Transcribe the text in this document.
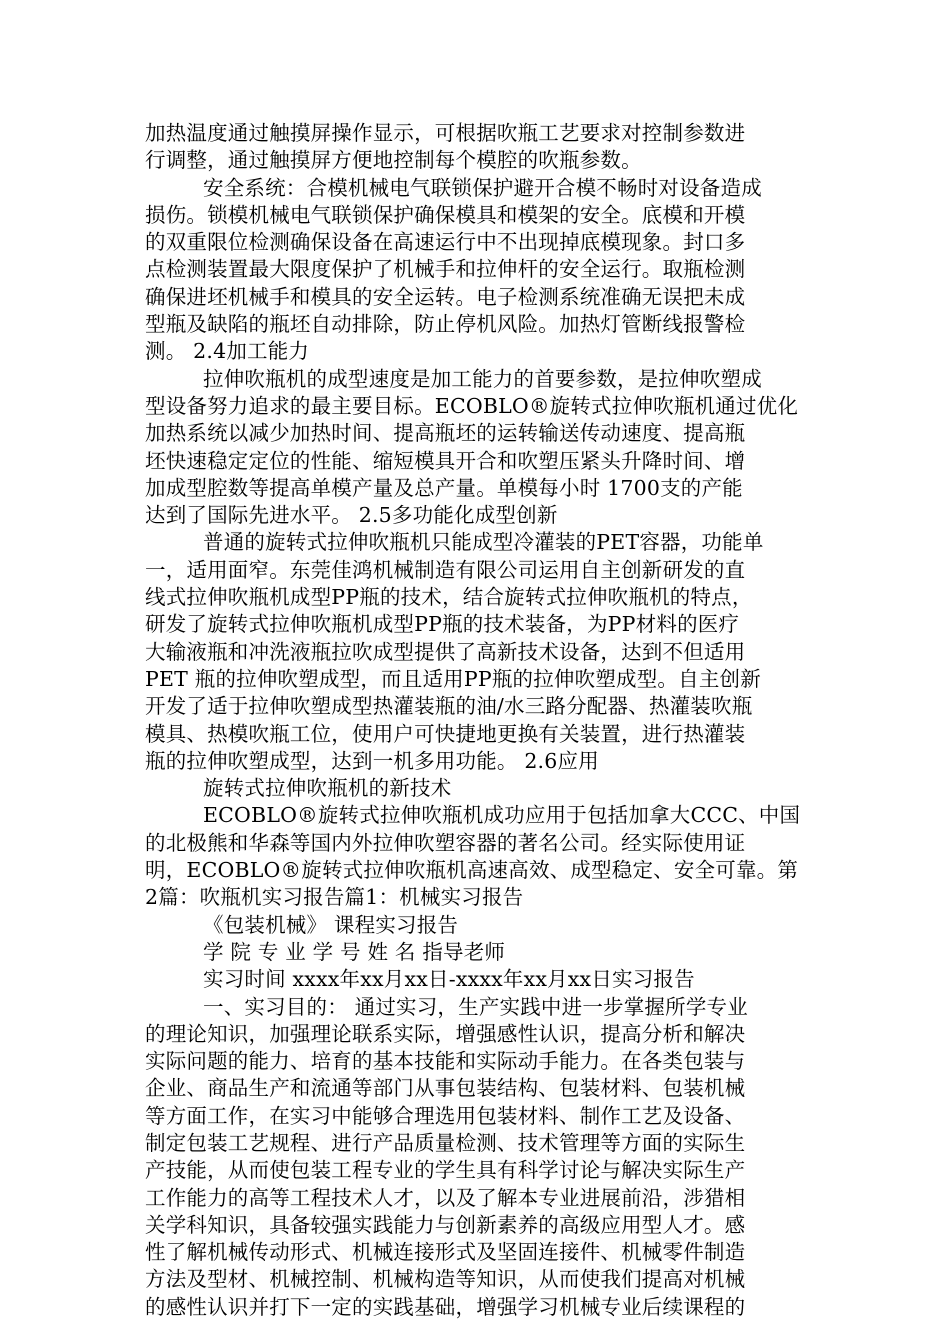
加热温度通过触摸屏操作显示，可根据吹瓶工艺要求对控制参数进
行调整，通过触摸屏方便地控制每个模腔的吹瓶参数。
安全系统：合模机械电气联锁保护避开合模不畅时对设备造成
损伤。锁模机械电气联锁保护确保模具和模架的安全。底模和开模
的双重限位检测确保设备在高速运行中不出现掉底模现象。封口多
点检测装置最大限度保护了机械手和拉伸杆的安全运行。取瓶检测
确保进坯机械手和模具的安全运转。电子检测系统准确无误把未成
型瓶及缺陷的瓶坯自动排除，防止停机风险。加热灯管断线报警检
测。 2.4加工能力
拉伸吹瓶机的成型速度是加工能力的首要参数，是拉伸吹塑成
型设备努力追求的最主要目标。ECOBLO®旋转式拉伸吹瓶机通过优化
加热系统以减少加热时间、提高瓶坯的运转输送传动速度、提高瓶
坯快速稳定定位的性能、缩短模具开合和吹塑压紧头升降时间、增
加成型腔数等提高单模产量及总产量。单模每小时 1700支的产能
达到了国际先进水平。 2.5多功能化成型创新
普通的旋转式拉伸吹瓶机只能成型冷灌装的PET容器，功能单
一，适用面窄。东莞佳鸿机械制造有限公司运用自主创新研发的直
线式拉伸吹瓶机成型PP瓶的技术，结合旋转式拉伸吹瓶机的特点，
研发了旋转式拉伸吹瓶机成型PP瓶的技术装备，为PP材料的医疗
大输液瓶和冲洗液瓶拉吹成型提供了高新技术设备，达到不但适用
PET 瓶的拉伸吹塑成型，而且适用PP瓶的拉伸吹塑成型。自主创新
开发了适于拉伸吹塑成型热灌装瓶的油/水三路分配器、热灌装吹瓶
模具、热模吹瓶工位，使用户可快捷地更换有关装置，进行热灌装
瓶的拉伸吹塑成型，达到一机多用功能。 2.6应用
旋转式拉伸吹瓶机的新技术
ECOBLO®旋转式拉伸吹瓶机成功应用于包括加拿大CCC、中国
的北极熊和华森等国内外拉伸吹塑容器的著名公司。经实际使用证
明，ECOBLO®旋转式拉伸吹瓶机高速高效、成型稳定、安全可靠。第
2篇：吹瓶机实习报告篇1：机械实习报告
《包装机械》 课程实习报告
学 院 专 业 学 号 姓 名 指导老师
实习时间 xxxx年xx月xx日-xxxx年xx月xx日实习报告
一、实习目的： 通过实习，生产实践中进一步掌握所学专业
的理论知识，加强理论联系实际，增强感性认识，提高分析和解决
实际问题的能力、培育的基本技能和实际动手能力。在各类包装与
企业、商品生产和流通等部门从事包装结构、包装材料、包装机械
等方面工作，在实习中能够合理选用包装材料、制作工艺及设备、
制定包装工艺规程、进行产品质量检测、技术管理等方面的实际生
产技能，从而使包装工程专业的学生具有科学讨论与解决实际生产
工作能力的高等工程技术人才，以及了解本专业进展前沿，涉猎相
关学科知识，具备较强实践能力与创新素养的高级应用型人才。感
性了解机械传动形式、机械连接形式及坚固连接件、机械零件制造
方法及型材、机械控制、机械构造等知识，从而使我们提高对机械
的感性认识并打下一定的实践基础，增强学习机械专业后续课程的
